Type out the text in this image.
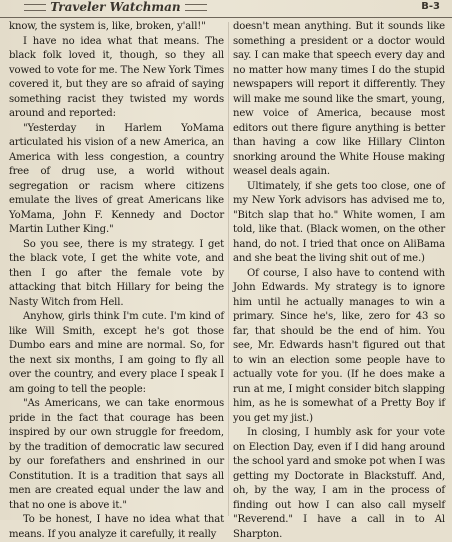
Traveler Watchman	B-3

know, the system is, like, broken, y'all!"

I have no idea what that means. The black folk loved it, though, so they all vowed to vote for me. The New York Times covered it, but they are so afraid of saying something racist they twisted my words around and reported:

"Yesterday in Harlem YoMama articulated his vision of a new America, an America with less congestion, a country free of drug use, a world without segregation or racism where citizens emulate the lives of great Americans like YoMama, John F. Kennedy and Doctor Martin Luther King."

So you see, there is my strategy. I get the black vote, I get the white vote, and then I go after the female vote by attacking that bitch Hillary for being the Nasty Witch from Hell.

Anyhow, girls think I'm cute. I'm kind of like Will Smith, except he's got those Dumbo ears and mine are normal. So, for the next six months, I am going to fly all over the country, and every place I speak I am going to tell the people:

"As Americans, we can take enormous pride in the fact that courage has been inspired by our own struggle for freedom, by the tradition of democratic law secured by our forefathers and enshrined in our Constitution. It is a tradition that says all men are created equal under the law and that no one is above it."

To be honest, I have no idea what that means. If you analyze it carefully, it really

doesn't mean anything. But it sounds like something a president or a doctor would say. I can make that speech every day and no matter how many times I do the stupid newspapers will report it differently. They will make me sound like the smart, young, new voice of America, because most editors out there figure anything is better than having a cow like Hillary Clinton snorking around the White House making weasel deals again.

Ultimately, if she gets too close, one of my New York advisors has advised me to, "Bitch slap that ho." White women, I am told, like that. (Black women, on the other hand, do not. I tried that once on AliBama and she beat the living shit out of me.)

Of course, I also have to contend with John Edwards. My strategy is to ignore him until he actually manages to win a primary. Since he's, like, zero for 43 so far, that should be the end of him. You see, Mr. Edwards hasn't figured out that to win an election some people have to actually vote for you. (If he does make a run at me, I might consider bitch slapping him, as he is somewhat of a Pretty Boy if you get my jist.)

In closing, I humbly ask for your vote on Election Day, even if I did hang around the school yard and smoke pot when I was getting my Doctorate in Blackstuff. And, oh, by the way, I am in the process of finding out how I can also call myself "Reverend." I have a call in to Al Sharpton.
